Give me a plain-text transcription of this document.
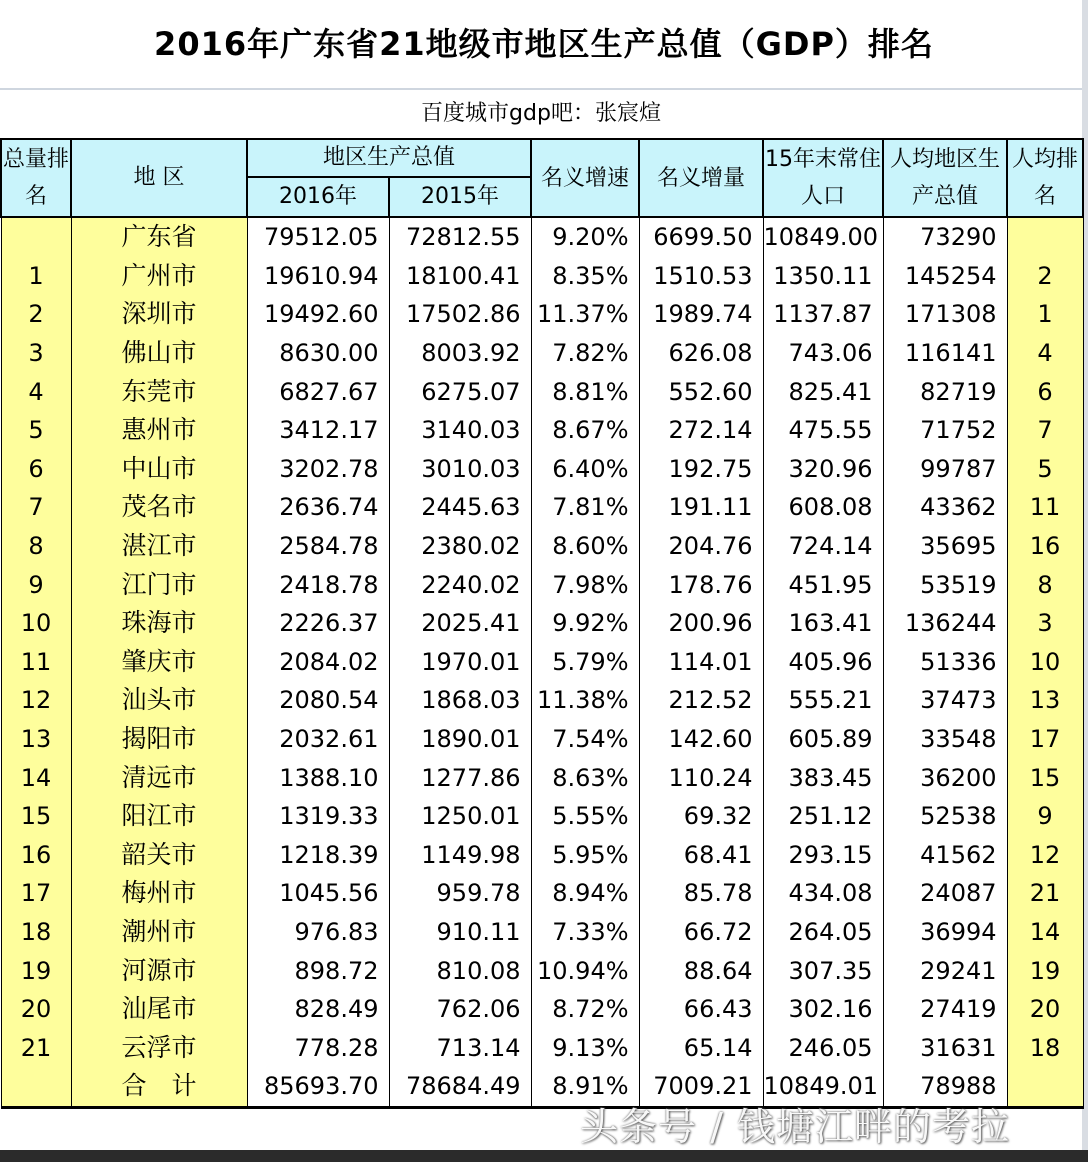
2016年广东省21地级市地区生产总值（GDP）排名
百度城市gdp吧：张宸煊
总量排名	地 区	地区生产总值		名义增速	名义增量	15年末常住人口	人均地区生产总值	人均排名
		2016年	2015年					
	广东省	79512.05	72812.55	9.20%	6699.50	10849.00	73290	
1	广州市	19610.94	18100.41	8.35%	1510.53	1350.11	145254	2
2	深圳市	19492.60	17502.86	11.37%	1989.74	1137.87	171308	1
3	佛山市	8630.00	8003.92	7.82%	626.08	743.06	116141	4
4	东莞市	6827.67	6275.07	8.81%	552.60	825.41	82719	6
5	惠州市	3412.17	3140.03	8.67%	272.14	475.55	71752	7
6	中山市	3202.78	3010.03	6.40%	192.75	320.96	99787	5
7	茂名市	2636.74	2445.63	7.81%	191.11	608.08	43362	11
8	湛江市	2584.78	2380.02	8.60%	204.76	724.14	35695	16
9	江门市	2418.78	2240.02	7.98%	178.76	451.95	53519	8
10	珠海市	2226.37	2025.41	9.92%	200.96	163.41	136244	3
11	肇庆市	2084.02	1970.01	5.79%	114.01	405.96	51336	10
12	汕头市	2080.54	1868.03	11.38%	212.52	555.21	37473	13
13	揭阳市	2032.61	1890.01	7.54%	142.60	605.89	33548	17
14	清远市	1388.10	1277.86	8.63%	110.24	383.45	36200	15
15	阳江市	1319.33	1250.01	5.55%	69.32	251.12	52538	9
16	韶关市	1218.39	1149.98	5.95%	68.41	293.15	41562	12
17	梅州市	1045.56	959.78	8.94%	85.78	434.08	24087	21
18	潮州市	976.83	910.11	7.33%	66.72	264.05	36994	14
19	河源市	898.72	810.08	10.94%	88.64	307.35	29241	19
20	汕尾市	828.49	762.06	8.72%	66.43	302.16	27419	20
21	云浮市	778.28	713.14	9.13%	65.14	246.05	31631	18
	合　计	85693.70	78684.49	8.91%	7009.21	10849.01	78988	
头条号 / 钱塘江畔的考拉
